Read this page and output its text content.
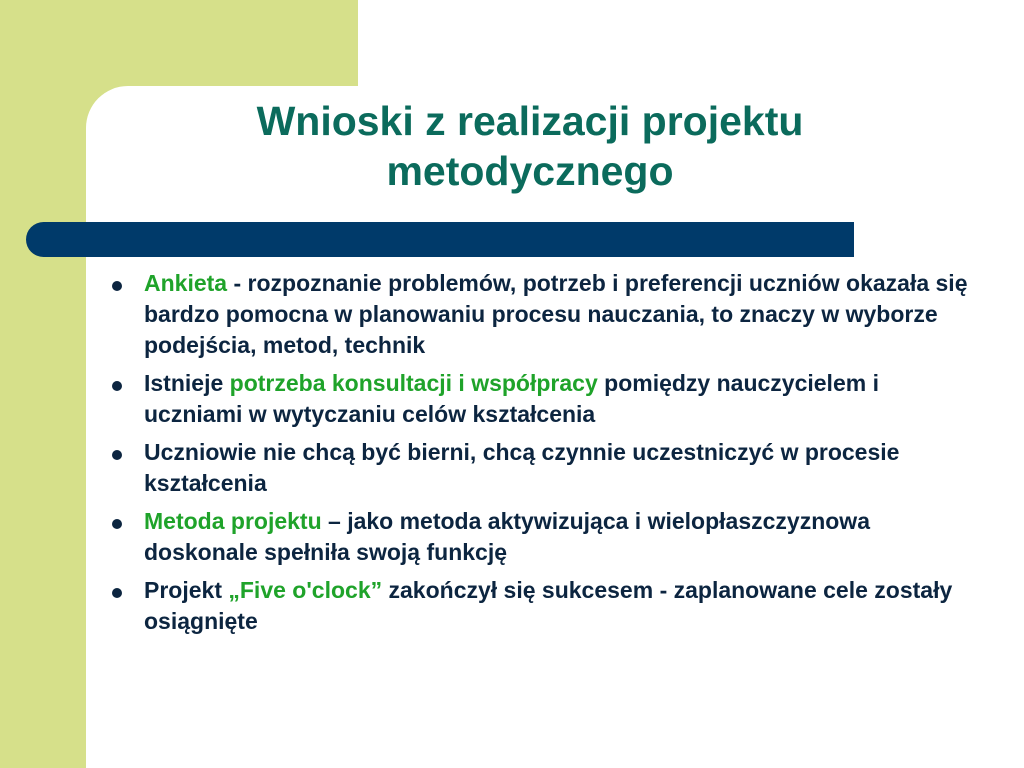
Wnioski z realizacji projektu
metodycznego
Ankieta - rozpoznanie problemów, potrzeb i preferencji uczniów okazała się bardzo pomocna w planowaniu procesu nauczania, to znaczy w wyborze podejścia, metod, technik
Istnieje potrzeba konsultacji i współpracy pomiędzy nauczycielem i uczniami w wytyczaniu celów kształcenia
Uczniowie nie chcą być bierni, chcą czynnie uczestniczyć w procesie kształcenia
Metoda projektu – jako metoda aktywizująca i wielopłaszczyznowa doskonale spełniła swoją funkcję
Projekt „Five o'clock” zakończył się sukcesem - zaplanowane cele zostały osiągnięte
